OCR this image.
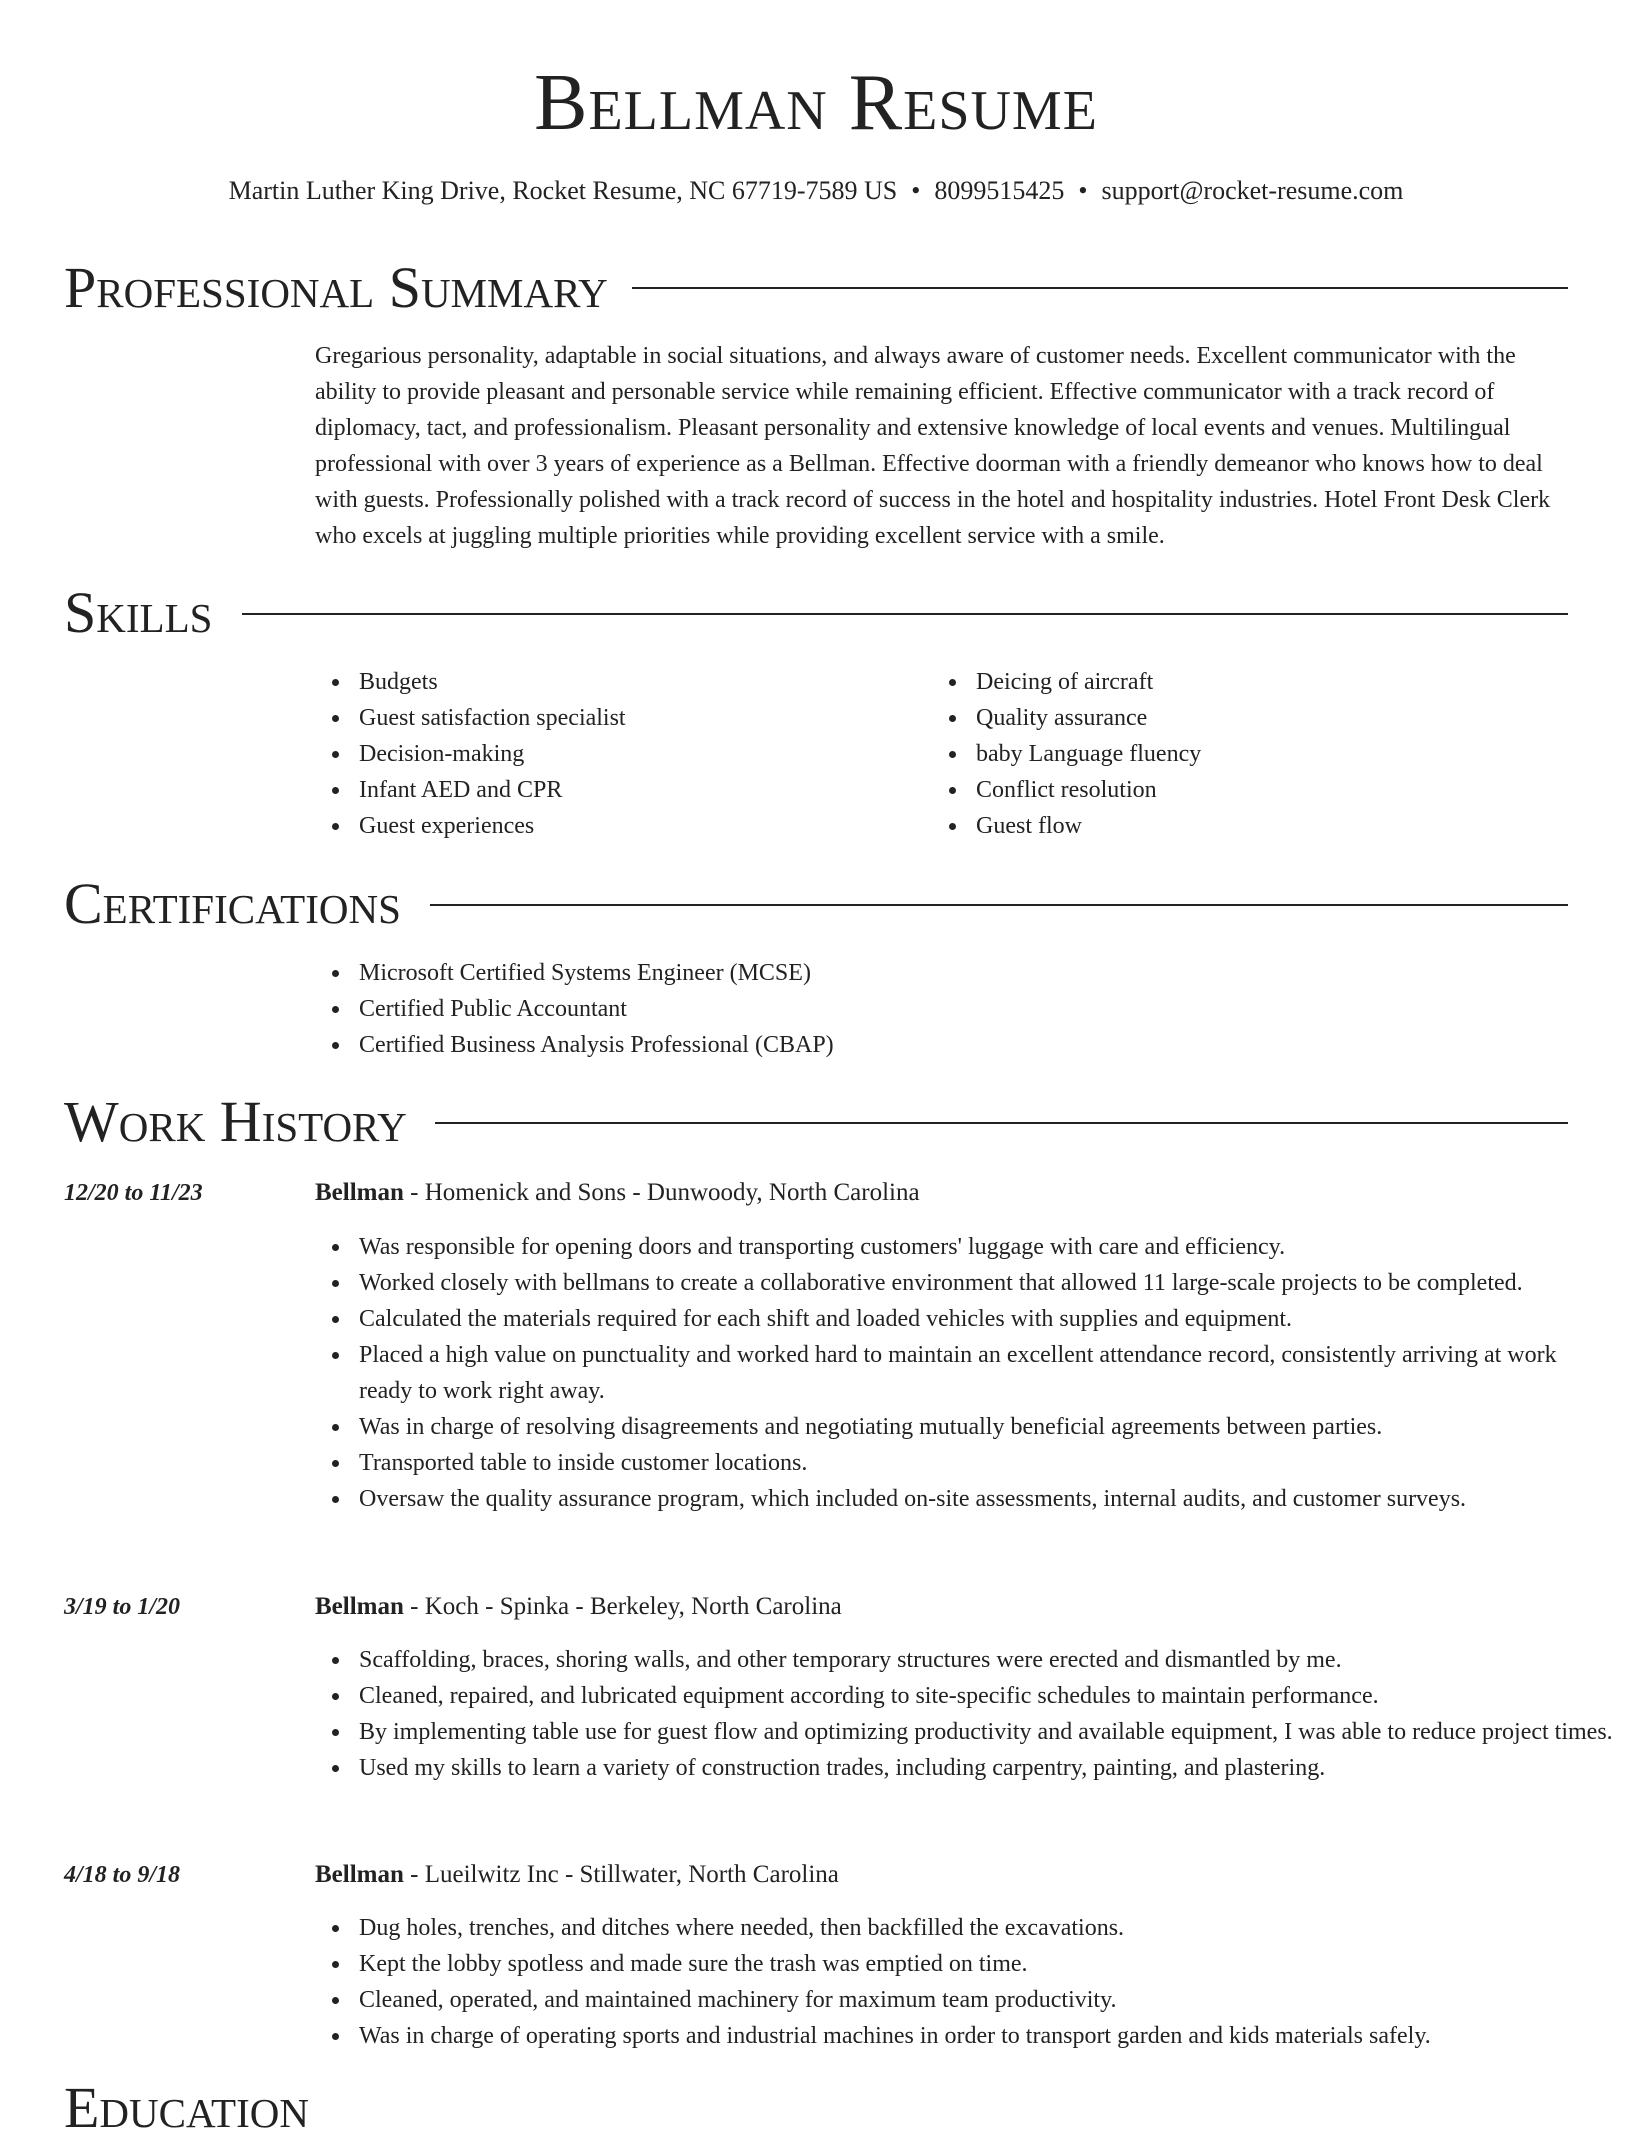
Bellman Resume

Martin Luther King Drive, Rocket Resume, NC 67719-7589 US • 8099515425 • support@rocket-resume.com

Professional Summary

Gregarious personality, adaptable in social situations, and always aware of customer needs. Excellent communicator with the ability to provide pleasant and personable service while remaining efficient. Effective communicator with a track record of diplomacy, tact, and professionalism. Pleasant personality and extensive knowledge of local events and venues. Multilingual professional with over 3 years of experience as a Bellman. Effective doorman with a friendly demeanor who knows how to deal with guests. Professionally polished with a track record of success in the hotel and hospitality industries. Hotel Front Desk Clerk who excels at juggling multiple priorities while providing excellent service with a smile.

Skills
Budgets
Guest satisfaction specialist
Decision-making
Infant AED and CPR
Guest experiences
Deicing of aircraft
Quality assurance
baby Language fluency
Conflict resolution
Guest flow
Certifications
Microsoft Certified Systems Engineer (MCSE)
Certified Public Accountant
Certified Business Analysis Professional (CBAP)
Work History

12/20 to 11/23	Bellman - Homenick and Sons - Dunwoody, North Carolina

Was responsible for opening doors and transporting customers' luggage with care and efficiency.
Worked closely with bellmans to create a collaborative environment that allowed 11 large-scale projects to be completed.
Calculated the materials required for each shift and loaded vehicles with supplies and equipment.
Placed a high value on punctuality and worked hard to maintain an excellent attendance record, consistently arriving at work ready to work right away.
Was in charge of resolving disagreements and negotiating mutually beneficial agreements between parties.
Transported table to inside customer locations.
Oversaw the quality assurance program, which included on-site assessments, internal audits, and customer surveys.

3/19 to 1/20	Bellman - Koch - Spinka - Berkeley, North Carolina

Scaffolding, braces, shoring walls, and other temporary structures were erected and dismantled by me.
Cleaned, repaired, and lubricated equipment according to site-specific schedules to maintain performance.
By implementing table use for guest flow and optimizing productivity and available equipment, I was able to reduce project times.
Used my skills to learn a variety of construction trades, including carpentry, painting, and plastering.

4/18 to 9/18	Bellman - Lueilwitz Inc - Stillwater, North Carolina

Dug holes, trenches, and ditches where needed, then backfilled the excavations.
Kept the lobby spotless and made sure the trash was emptied on time.
Cleaned, operated, and maintained machinery for maximum team productivity.
Was in charge of operating sports and industrial machines in order to transport garden and kids materials safely.
Education
